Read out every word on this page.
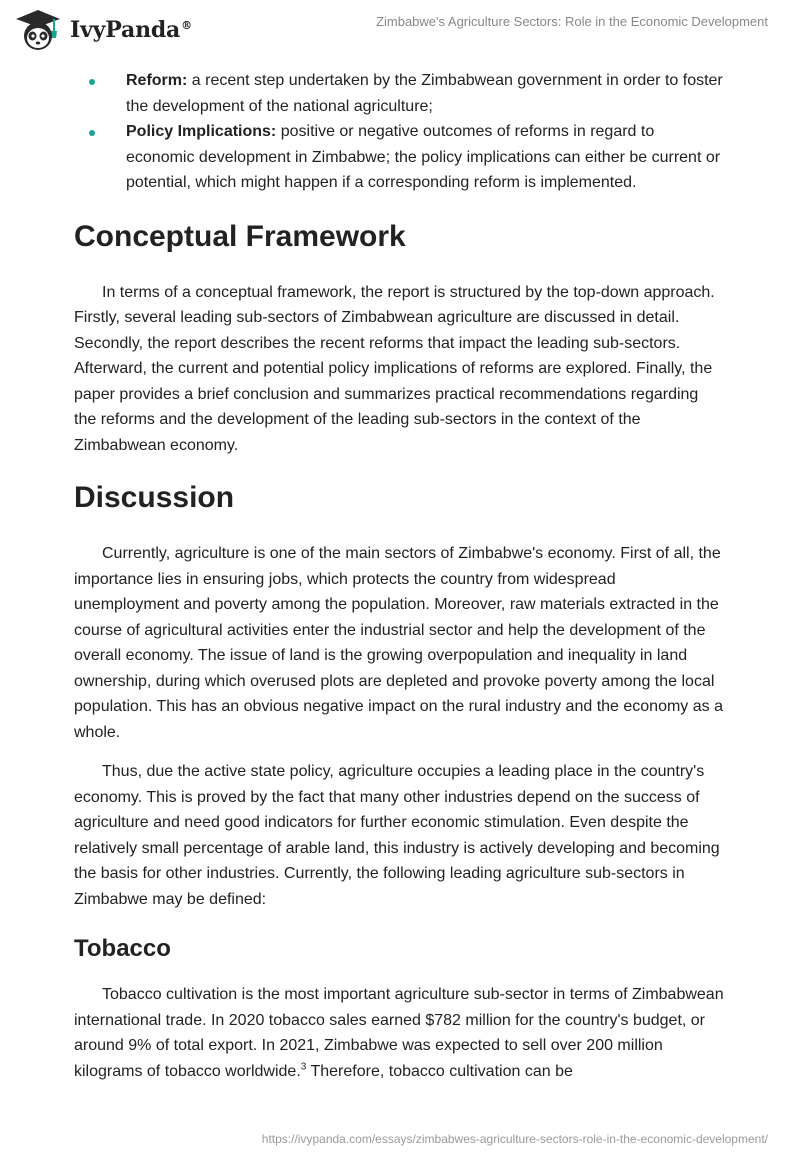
IvyPanda®	Zimbabwe's Agriculture Sectors: Role in the Economic Development
Reform: a recent step undertaken by the Zimbabwean government in order to foster the development of the national agriculture;
Policy Implications: positive or negative outcomes of reforms in regard to economic development in Zimbabwe; the policy implications can either be current or potential, which might happen if a corresponding reform is implemented.
Conceptual Framework

In terms of a conceptual framework, the report is structured by the top-down approach. Firstly, several leading sub-sectors of Zimbabwean agriculture are discussed in detail. Secondly, the report describes the recent reforms that impact the leading sub-sectors. Afterward, the current and potential policy implications of reforms are explored. Finally, the paper provides a brief conclusion and summarizes practical recommendations regarding the reforms and the development of the leading sub-sectors in the context of the Zimbabwean economy.

Discussion

Currently, agriculture is one of the main sectors of Zimbabwe's economy. First of all, the importance lies in ensuring jobs, which protects the country from widespread unemployment and poverty among the population. Moreover, raw materials extracted in the course of agricultural activities enter the industrial sector and help the development of the overall economy. The issue of land is the growing overpopulation and inequality in land ownership, during which overused plots are depleted and provoke poverty among the local population. This has an obvious negative impact on the rural industry and the economy as a whole.

Thus, due the active state policy, agriculture occupies a leading place in the country's economy. This is proved by the fact that many other industries depend on the success of agriculture and need good indicators for further economic stimulation. Even despite the relatively small percentage of arable land, this industry is actively developing and becoming the basis for other industries. Currently, the following leading agriculture sub-sectors in Zimbabwe may be defined:

Tobacco

Tobacco cultivation is the most important agriculture sub-sector in terms of Zimbabwean international trade. In 2020 tobacco sales earned $782 million for the country's budget, or around 9% of total export. In 2021, Zimbabwe was expected to sell over 200 million kilograms of tobacco worldwide.$^3$ Therefore, tobacco cultivation can be

https://ivypanda.com/essays/zimbabwes-agriculture-sectors-role-in-the-economic-development/
